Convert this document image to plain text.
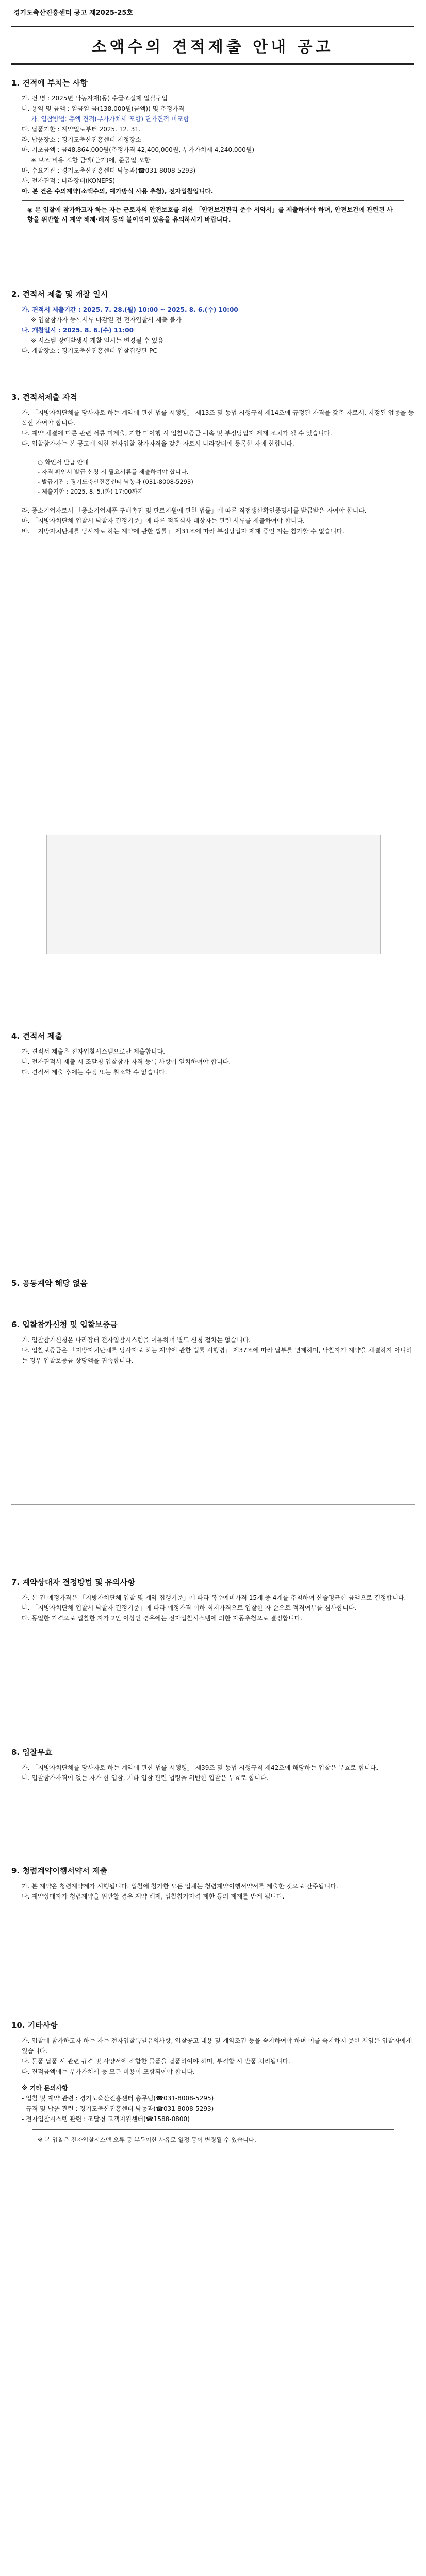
경기도축산진흥센터 공고 제2025-25호
소액수의 견적제출 안내 공고
1. 견적에 부치는 사항

가. 건 명 : 2025년 낙농자재(동) 수급조절제 일괄구입

나. 용역 및 금액 : 일금일 금(138,000원(금액)) 및 추정가격

가. 입찰방법: 총액 견적(부가가치세 포함) 단가견적 미포함

다. 납품기한 : 계약일로부터 2025. 12. 31.

라. 납품장소 : 경기도축산진흥센터 지정장소

마. 기초금액 : 금48,864,000원(추정가격 42,400,000원, 부가가치세 4,240,000원)

※ 보조 비용 포함 금액(반기)에, 준공일 포함

바. 수요기관 : 경기도축산진흥센터 낙농과(☎031-8008-5293)

사. 전자견적 : 나라장터(KONEPS)

아. 본 건은 수의계약(소액수의, 예가방식 사용 추첨), 전자입찰입니다.

◉ 본 입찰에 참가하고자 하는 자는 근로자의 안전보호를 위한 「안전보건관리 준수 서약서」를 제출하여야 하며, 안전보건에 관련된 사항을 위반할 시 계약 해제·해지 등의 불이익이 있음을 유의하시기 바랍니다.

2. 견적서 제출 및 개찰 일시

가. 견적서 제출기간 : 2025. 7. 28.(월) 10:00 ~ 2025. 8. 6.(수) 10:00

※ 입찰참가자 등록서류 마감일 전 전자입찰서 제출 불가

나. 개찰일시 : 2025. 8. 6.(수) 11:00

※ 시스템 장애발생시 개찰 일시는 변경될 수 있음

다. 개찰장소 : 경기도축산진흥센터 입찰집행관 PC

3. 견적서제출 자격

가. 「지방자치단체를 당사자로 하는 계약에 관한 법률 시행령」 제13조 및 동법 시행규칙 제14조에 규정된 자격을 갖춘 자로서, 지정된 업종을 등록한 자여야 합니다.

나. 계약 체결에 따른 관련 서류 미제출, 기한 미이행 시 입찰보증금 귀속 및 부정당업자 제재 조치가 될 수 있습니다.

다. 입찰참가자는 본 공고에 의한 전자입찰 참가자격을 갖춘 자로서 나라장터에 등록한 자에 한합니다.

○ 확인서 발급 안내

- 자격 확인서 발급 신청 시 필요서류를 제출하여야 합니다.

- 발급기관 : 경기도축산진흥센터 낙농과 (031-8008-5293)

- 제출기한 : 2025. 8. 5.(화) 17:00까지

라. 중소기업자로서 「중소기업제품 구매촉진 및 판로지원에 관한 법률」에 따른 직접생산확인증명서를 발급받은 자여야 합니다.

마. 「지방자치단체 입찰시 낙찰자 결정기준」에 따른 적격심사 대상자는 관련 서류를 제출하여야 합니다.

바. 「지방자치단체를 당사자로 하는 계약에 관한 법률」 제31조에 따라 부정당업자 제재 중인 자는 참가할 수 없습니다.

4. 견적서 제출

가. 견적서 제출은 전자입찰시스템으로만 제출합니다.

나. 전자견적서 제출 시 조달청 입찰참가 자격 등록 사항이 일치하여야 합니다.

다. 견적서 제출 후에는 수정 또는 취소할 수 없습니다.

5. 공동계약 해당 없음
6. 입찰참가신청 및 입찰보증금

가. 입찰참가신청은 나라장터 전자입찰시스템을 이용하며 별도 신청 절차는 없습니다.

나. 입찰보증금은 「지방자치단체를 당사자로 하는 계약에 관한 법률 시행령」 제37조에 따라 납부를 면제하며, 낙찰자가 계약을 체결하지 아니하는 경우 입찰보증금 상당액을 귀속합니다.

7. 계약상대자 결정방법 및 유의사항

가. 본 건 예정가격은 「지방자치단체 입찰 및 계약 집행기준」에 따라 복수예비가격 15개 중 4개를 추첨하여 산술평균한 금액으로 결정합니다.

나. 「지방자치단체 입찰시 낙찰자 결정기준」에 따라 예정가격 이하 최저가격으로 입찰한 자 순으로 적격여부를 심사합니다.

다. 동일한 가격으로 입찰한 자가 2인 이상인 경우에는 전자입찰시스템에 의한 자동추첨으로 결정합니다.

8. 입찰무효

가. 「지방자치단체를 당사자로 하는 계약에 관한 법률 시행령」 제39조 및 동법 시행규칙 제42조에 해당하는 입찰은 무효로 합니다.

나. 입찰참가자격이 없는 자가 한 입찰, 기타 입찰 관련 법령을 위반한 입찰은 무효로 합니다.

9. 청렴계약이행서약서 제출

가. 본 계약은 청렴계약제가 시행됩니다. 입찰에 참가한 모든 업체는 청렴계약이행서약서를 제출한 것으로 간주됩니다.

나. 계약상대자가 청렴계약을 위반할 경우 계약 해제, 입찰참가자격 제한 등의 제재를 받게 됩니다.

10. 기타사항

가. 입찰에 참가하고자 하는 자는 전자입찰특별유의사항, 입찰공고 내용 및 계약조건 등을 숙지하여야 하며 이를 숙지하지 못한 책임은 입찰자에게 있습니다.

나. 물품 납품 시 관련 규격 및 사양서에 적합한 물품을 납품하여야 하며, 부적합 시 반품 처리됩니다.

다. 견적금액에는 부가가치세 등 모든 비용이 포함되어야 합니다.

※ 기타 문의사항

- 입찰 및 계약 관련 : 경기도축산진흥센터 총무팀(☎031-8008-5295)

- 규격 및 납품 관련 : 경기도축산진흥센터 낙농과(☎031-8008-5293)

- 전자입찰시스템 관련 : 조달청 고객지원센터(☎1588-0800)

※ 본 입찰은 전자입찰시스템 오류 등 부득이한 사유로 일정 등이 변경될 수 있습니다.
